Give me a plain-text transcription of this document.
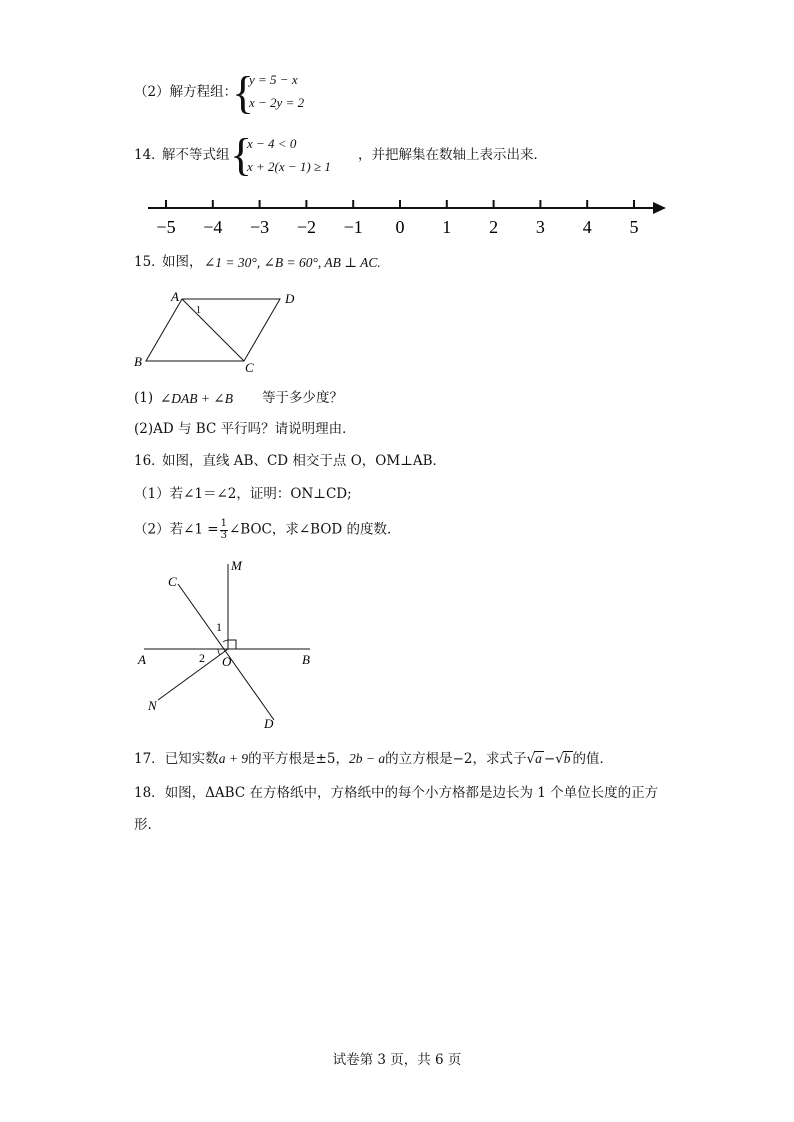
（2）解方程组：
{
y = 5 − x
x − 2y = 2
14．
解不等式组 {
x − 4 < 0
x + 2(x − 1) ≥ 1
，并把解集在数轴上表示出来．
−5 −4 −3 −2 −1 0 1 2 3 4 5
15．
如图， ∠1 = 30°, ∠B = 60°, AB ⊥ AC.
A	D
B	C
1
(1) ∠DAB + ∠B 等于多少度？
(2)AD 与 BC 平行吗？请说明理由．
16．
如图，直线 AB、CD 相交于点 O，OM⊥AB．
（1）若∠1＝∠2，证明：ON⊥CD;
（2）若∠1 = $\frac{1}{3}$ ∠BOC，求∠BOD 的度数．
C
M
A	B
O
N
D
1
2
17．已知实数a + 9的平方根是±5，2b − a的立方根是−2，求式子√a −√b 的值．
18．如图，ΔABC 在方格纸中，方格纸中的每个小方格都是边长为 1 个单位长度的正方
形.
试卷第 3 页，共 6 页
